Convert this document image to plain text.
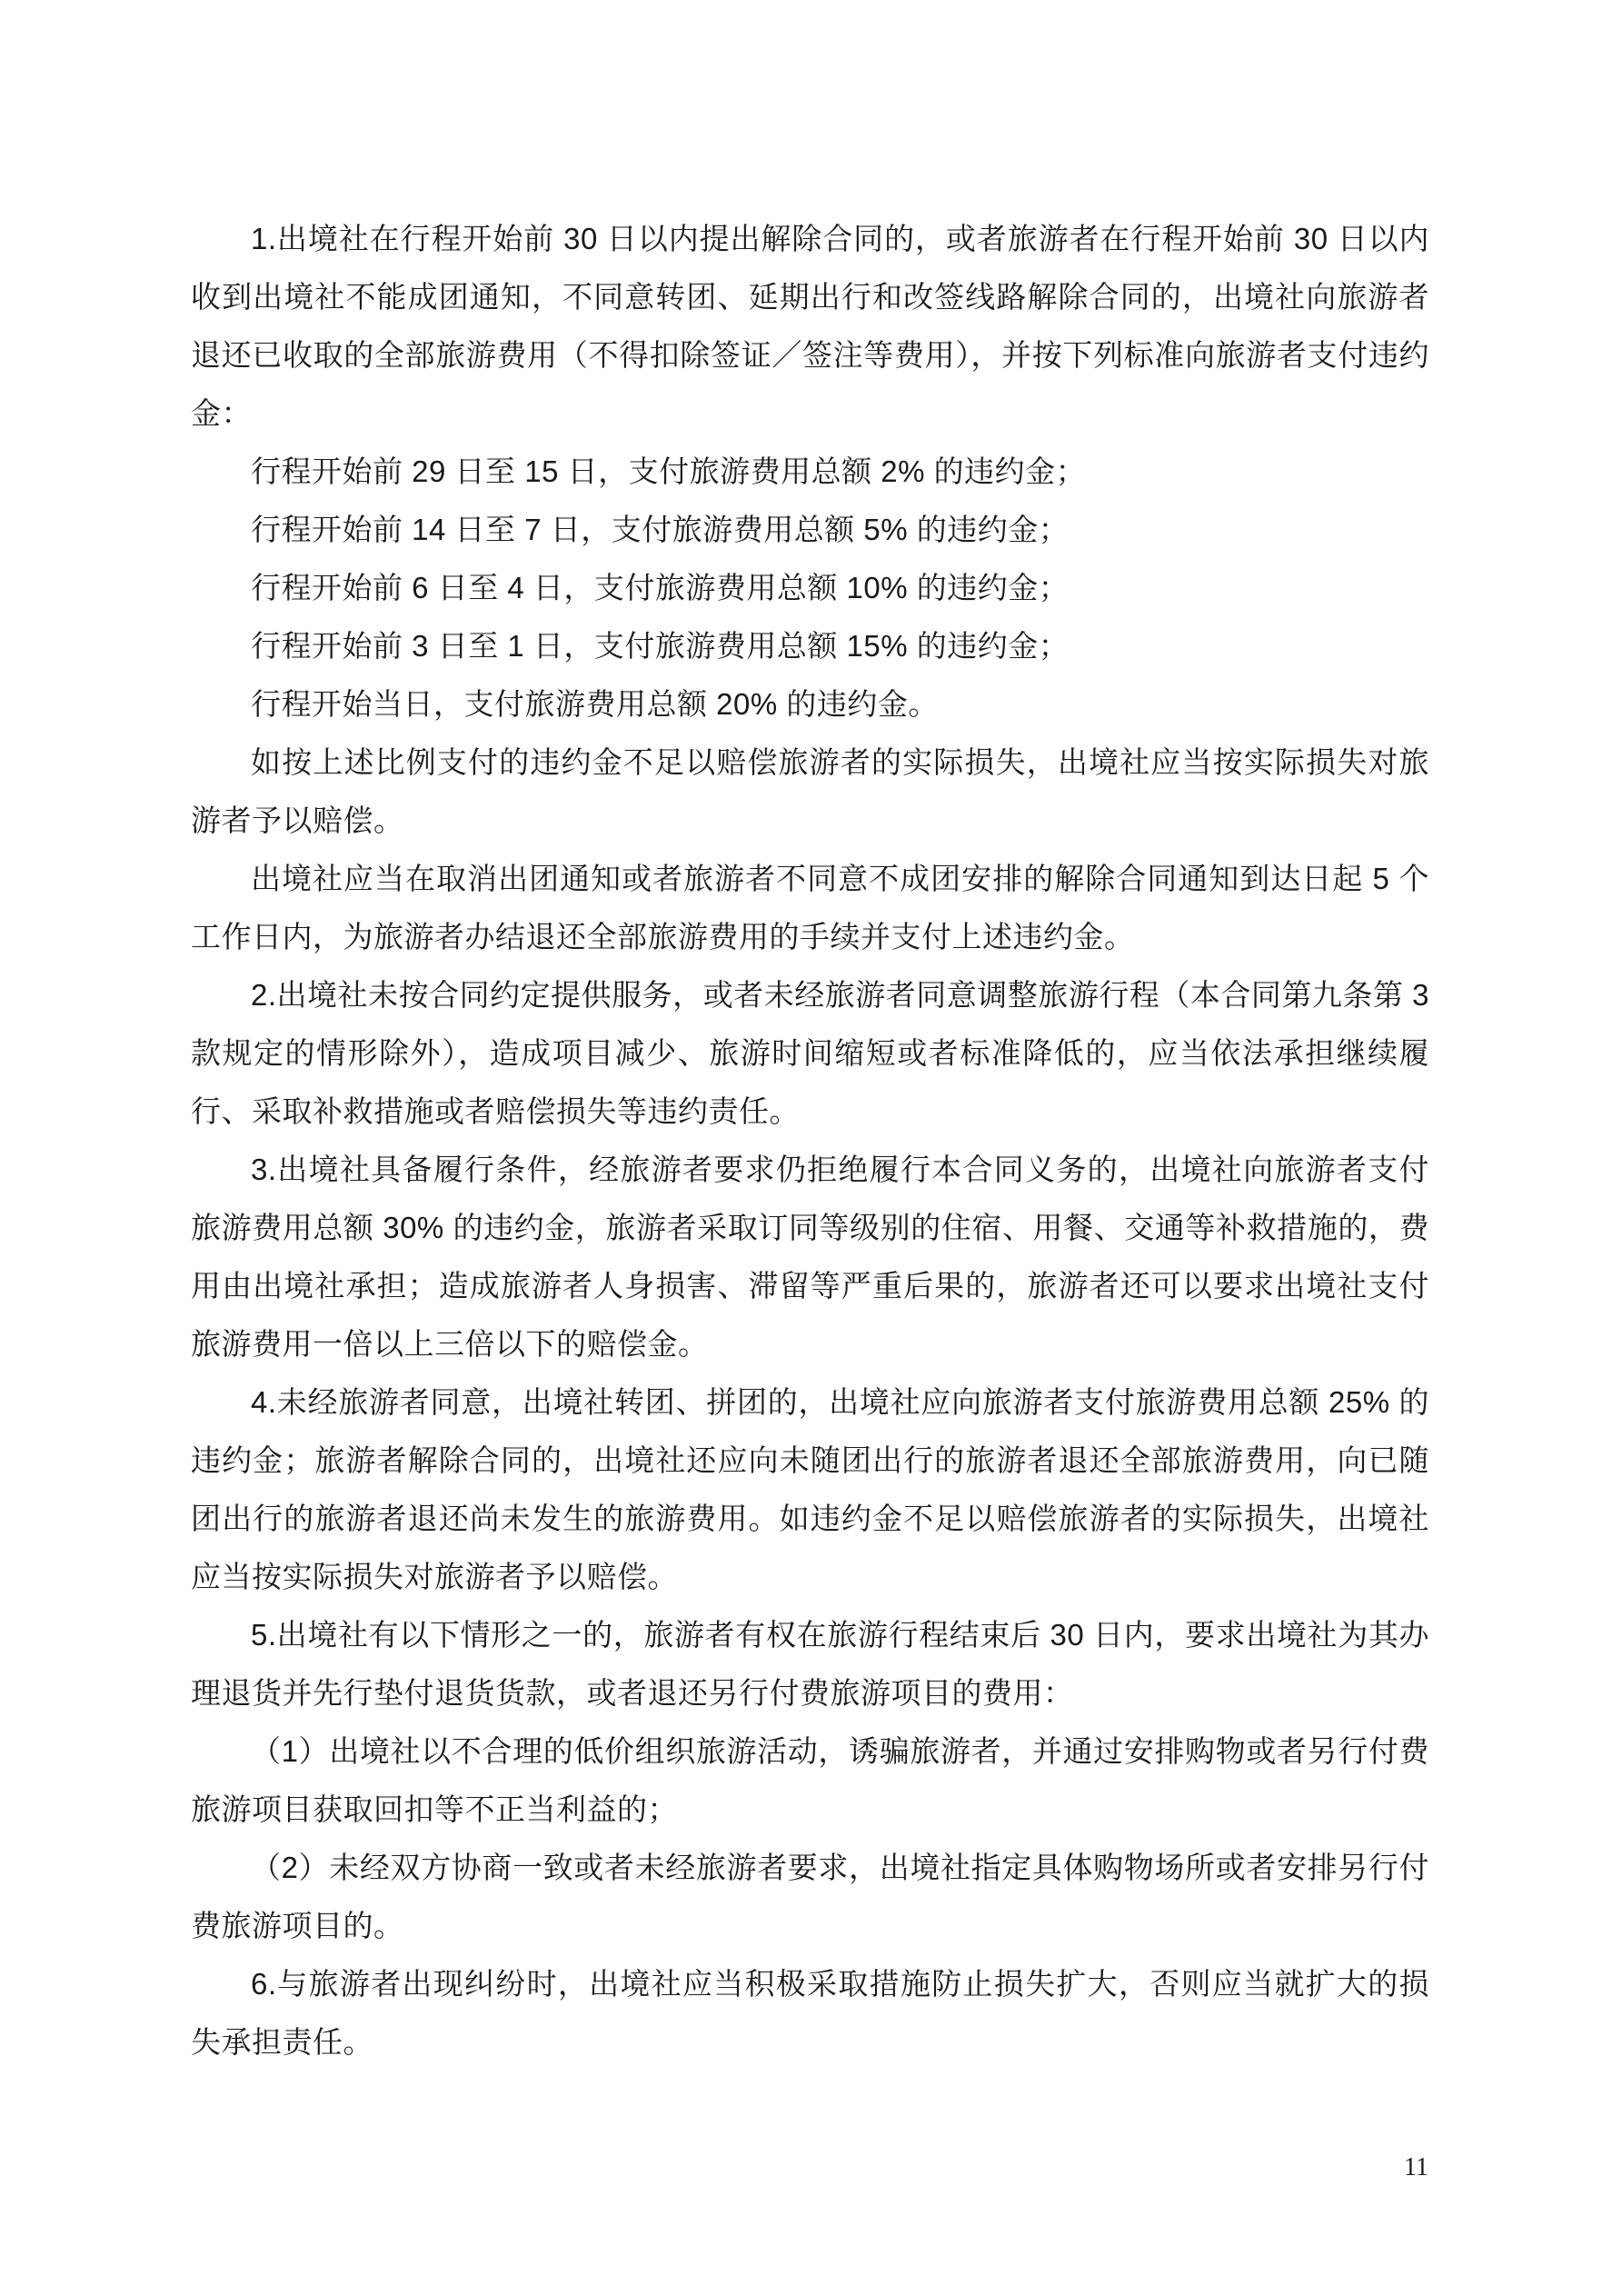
1.出境社在行程开始前 30 日以内提出解除合同的，或者旅游者在行程开始前 30 日以内收到出境社不能成团通知，不同意转团、延期出行和改签线路解除合同的，出境社向旅游者退还已收取的全部旅游费用（不得扣除签证／签注等费用），并按下列标准向旅游者支付违约金：

行程开始前 29 日至 15 日，支付旅游费用总额 2% 的违约金；

行程开始前 14 日至 7 日，支付旅游费用总额 5% 的违约金；

行程开始前 6 日至 4 日，支付旅游费用总额 10% 的违约金；

行程开始前 3 日至 1 日，支付旅游费用总额 15% 的违约金；

行程开始当日，支付旅游费用总额 20% 的违约金。

如按上述比例支付的违约金不足以赔偿旅游者的实际损失，出境社应当按实际损失对旅游者予以赔偿。

出境社应当在取消出团通知或者旅游者不同意不成团安排的解除合同通知到达日起 5 个工作日内，为旅游者办结退还全部旅游费用的手续并支付上述违约金。

2.出境社未按合同约定提供服务，或者未经旅游者同意调整旅游行程（本合同第九条第 3 款规定的情形除外），造成项目减少、旅游时间缩短或者标准降低的，应当依法承担继续履行、采取补救措施或者赔偿损失等违约责任。

3.出境社具备履行条件，经旅游者要求仍拒绝履行本合同义务的，出境社向旅游者支付旅游费用总额 30% 的违约金，旅游者采取订同等级别的住宿、用餐、交通等补救措施的，费用由出境社承担；造成旅游者人身损害、滞留等严重后果的，旅游者还可以要求出境社支付旅游费用一倍以上三倍以下的赔偿金。

4.未经旅游者同意，出境社转团、拼团的，出境社应向旅游者支付旅游费用总额 25% 的违约金；旅游者解除合同的，出境社还应向未随团出行的旅游者退还全部旅游费用，向已随团出行的旅游者退还尚未发生的旅游费用。如违约金不足以赔偿旅游者的实际损失，出境社应当按实际损失对旅游者予以赔偿。

5.出境社有以下情形之一的，旅游者有权在旅游行程结束后 30 日内，要求出境社为其办理退货并先行垫付退货货款，或者退还另行付费旅游项目的费用：

（1）出境社以不合理的低价组织旅游活动，诱骗旅游者，并通过安排购物或者另行付费旅游项目获取回扣等不正当利益的；

（2）未经双方协商一致或者未经旅游者要求，出境社指定具体购物场所或者安排另行付费旅游项目的。

6.与旅游者出现纠纷时，出境社应当积极采取措施防止损失扩大，否则应当就扩大的损失承担责任。

11
